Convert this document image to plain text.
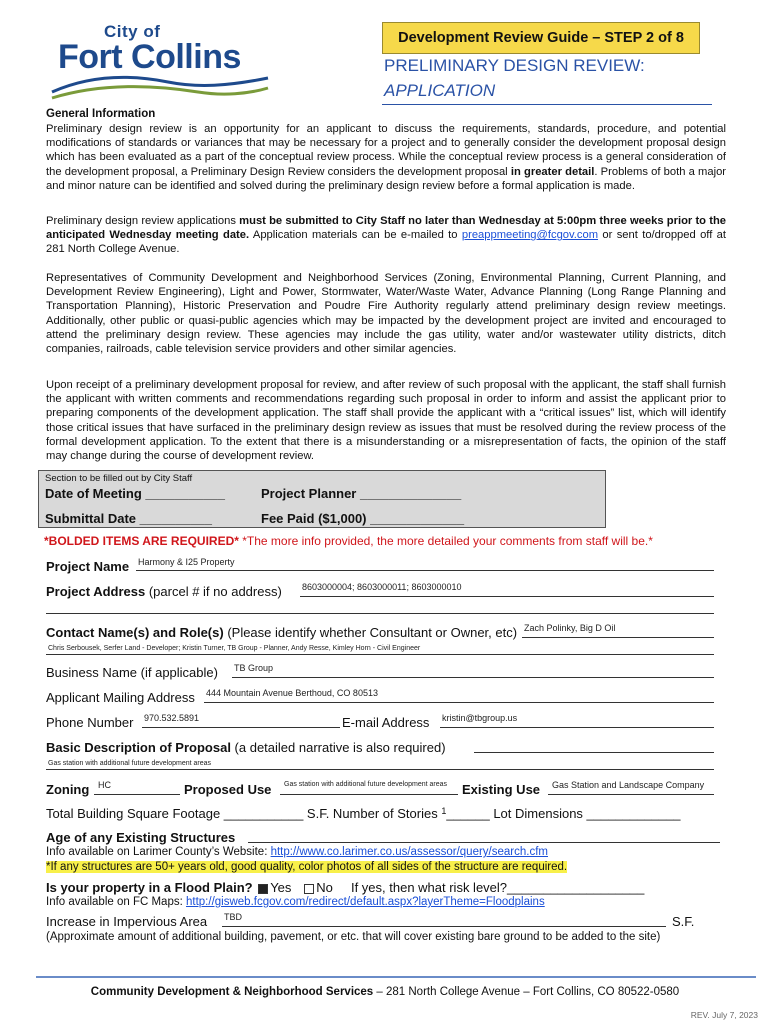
City of
Fort Collins	Development Review Guide – STEP 2 of 8
PRELIMINARY DESIGN REVIEW:
APPLICATION
General Information
Preliminary design review is an opportunity for an applicant to discuss the requirements, standards, procedure, and potential modifications of standards or variances that may be necessary for a project and to generally consider the development proposal design which has been evaluated as a part of the conceptual review process. While the conceptual review process is a general consideration of the development proposal, a Preliminary Design Review considers the development proposal in greater detail. Problems of both a major and minor nature can be identified and solved during the preliminary design review before a formal application is made.
Preliminary design review applications must be submitted to City Staff no later than Wednesday at 5:00pm three weeks prior to the anticipated Wednesday meeting date. Application materials can be e-mailed to preappmeeting@fcgov.com or sent to/dropped off at 281 North College Avenue.
Representatives of Community Development and Neighborhood Services (Zoning, Environmental Planning, Current Planning, and Development Review Engineering), Light and Power, Stormwater, Water/Waste Water, Advance Planning (Long Range Planning and Transportation Planning), Historic Preservation and Poudre Fire Authority regularly attend preliminary design review meetings. Additionally, other public or quasi-public agencies which may be impacted by the development project are invited and encouraged to attend the preliminary design review. These agencies may include the gas utility, water and/or wastewater utility districts, ditch companies, railroads, cable television service providers and other similar agencies.
Upon receipt of a preliminary development proposal for review, and after review of such proposal with the applicant, the staff shall furnish the applicant with written comments and recommendations regarding such proposal in order to inform and assist the applicant prior to preparing components of the development application. The staff shall provide the applicant with a “critical issues” list, which will identify those critical issues that have surfaced in the preliminary design review as issues that must be resolved during the review process of the formal development application. To the extent that there is a misunderstanding or a misrepresentation of facts, the opinion of the staff may change during the course of development review.
Section to be filled out by City Staff
Date of Meeting ___________	Project Planner ______________
Submittal Date __________	Fee Paid ($1,000) _____________
*BOLDED ITEMS ARE REQUIRED* *The more info provided, the more detailed your comments from staff will be.*
Project Name Harmony & I25 Property
Project Address (parcel # if no address) 8603000004; 8603000011; 8603000010
Contact Name(s) and Role(s) (Please identify whether Consultant or Owner, etc) Zach Polinky, Big D Oil
Chris Serbousek, Serfer Land - Developer; Kristin Turner, TB Group - Planner, Andy Resse, Kimley Horn - Civil Engineer
Business Name (if applicable) TB Group
Applicant Mailing Address 444 Mountain Avenue Berthoud, CO 80513
Phone Number 970.532.5891	E-mail Address kristin@tbgroup.us
Basic Description of Proposal (a detailed narrative is also required)
Gas station with additional future development areas
Zoning HC	Proposed Use Gas station with additional future development areas Existing Use Gas Station and Landscape Company
Total Building Square Footage ___________ S.F. Number of Stories $^1$______ Lot Dimensions _____________
Age of any Existing Structures
Info available on Larimer County’s Website: http://www.co.larimer.co.us/assessor/query/search.cfm
*If any structures are 50+ years old, good quality, color photos of all sides of the structure are required.
Is your property in a Flood Plain? Yes No If yes, then what risk level?___________________
Info available on FC Maps: http://gisweb.fcgov.com/redirect/default.aspx?layerTheme=Floodplains
Increase in Impervious Area TBD	S.F.
(Approximate amount of additional building, pavement, or etc. that will cover existing bare ground to be added to the site)
Community Development & Neighborhood Services – 281 North College Avenue – Fort Collins, CO 80522-0580
REV. July 7, 2023
